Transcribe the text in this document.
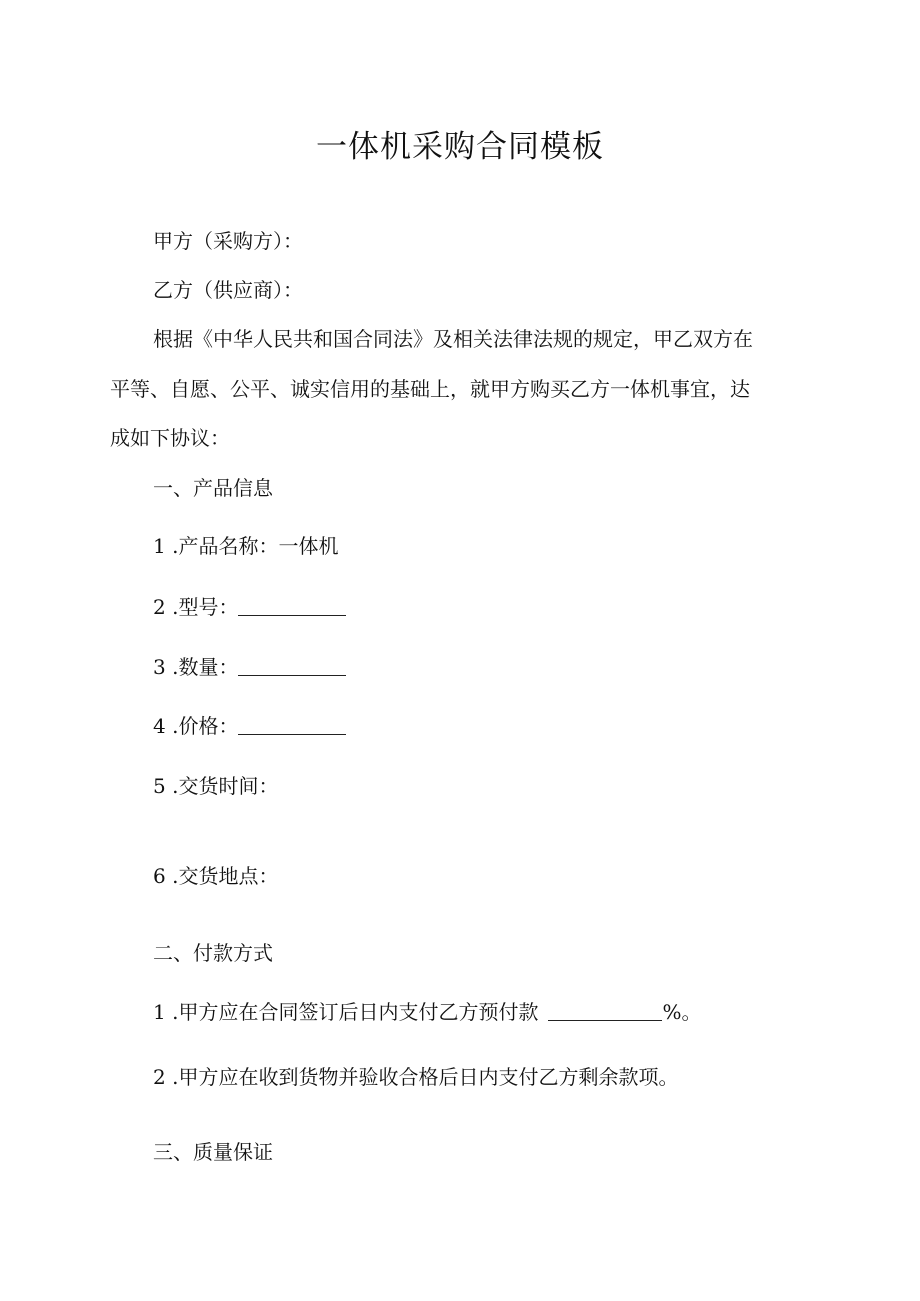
一体机采购合同模板

甲方（采购方）：

乙方（供应商）：

根据《中华人民共和国合同法》及相关法律法规的规定，甲乙双方在

平等、自愿、公平、诚实信用的基础上，就甲方购买乙方一体机事宜，达

成如下协议：

一、产品信息

1 .产品名称：一体机

2 .型号：

3 .数量：

4 .价格：

5 .交货时间：

6 .交货地点：

二、付款方式

1 .甲方应在合同签订后日内支付乙方预付款	%。

2 .甲方应在收到货物并验收合格后日内支付乙方剩余款项。

三、质量保证
